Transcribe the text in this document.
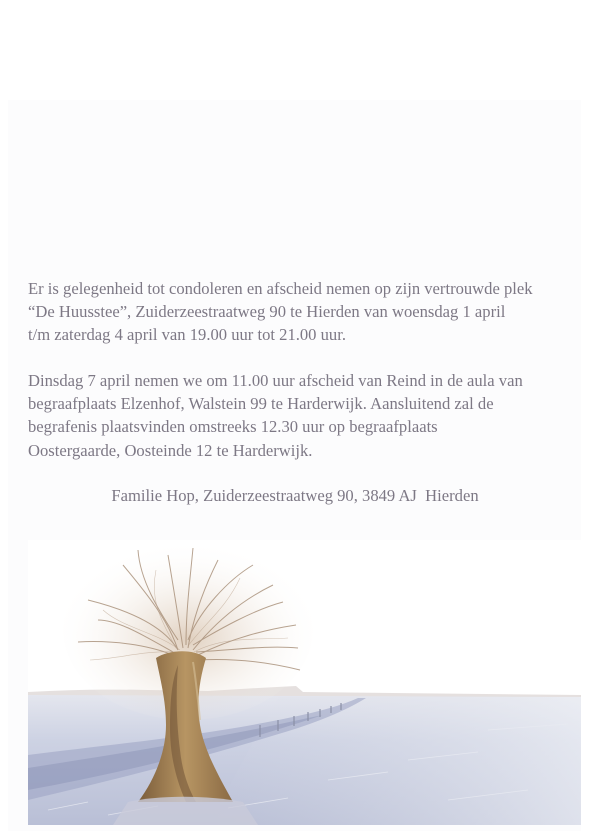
Er is gelegenheid tot condoleren en afscheid nemen op zijn vertrouwde plek
“De Huusstee”, Zuiderzeestraatweg 90 te Hierden van woensdag 1 april
t/m zaterdag 4 april van 19.00 uur tot 21.00 uur.

Dinsdag 7 april nemen we om 11.00 uur afscheid van Reind in de aula van
begraafplaats Elzenhof, Walstein 99 te Harderwijk. Aansluitend zal de
begrafenis plaatsvinden omstreeks 12.30 uur op begraafplaats
Oostergaarde, Oosteinde 12 te Harderwijk.

Familie Hop, Zuiderzeestraatweg 90, 3849 AJ  Hierden
